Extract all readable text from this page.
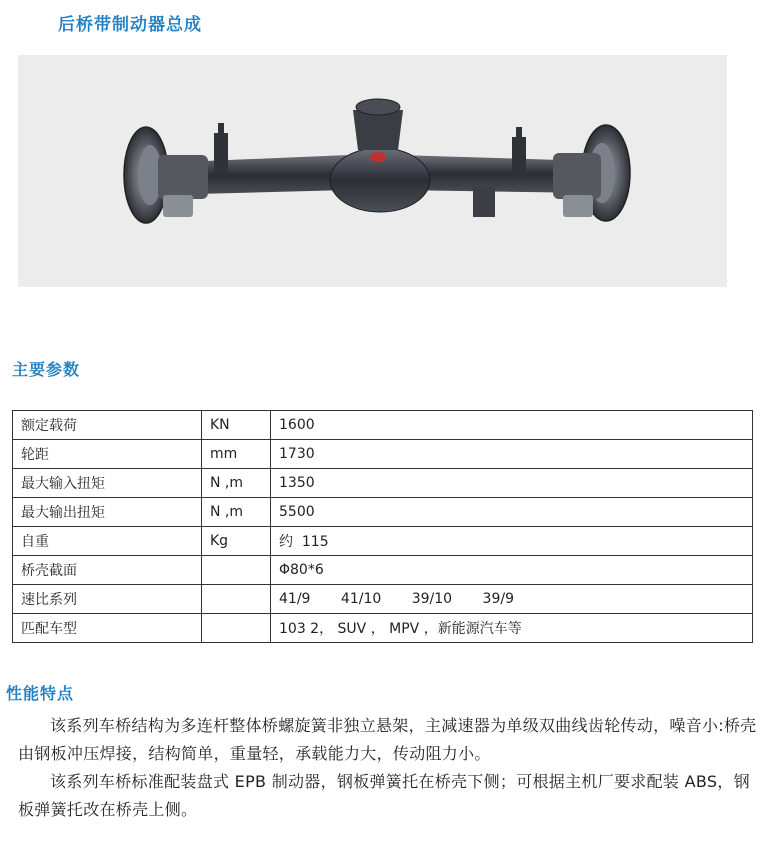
后桥带制动器总成
主要参数
额定载荷	KN	1600
轮距	mm	1730
最大输入扭矩	N ,m	1350
最大输出扭矩	N ,m	5500
自重	Kg	约  115
桥壳截面		Φ80*6
速比系列		41/9 41/10 39/10 39/9
匹配车型		103 2， SUV ， MPV ，新能源汽车等
性能特点
该系列车桥结构为多连杆整体桥螺旋簧非独立悬架，主减速器为单级双曲线齿轮传动，噪音小:桥壳由钢板冲压焊接，结构简单，重量轻，承载能力大，传动阻力小。
该系列车桥标准配装盘式 EPB 制动器，钢板弹簧托在桥壳下侧；可根据主机厂要求配装 ABS，钢板弹簧托改在桥壳上侧。
